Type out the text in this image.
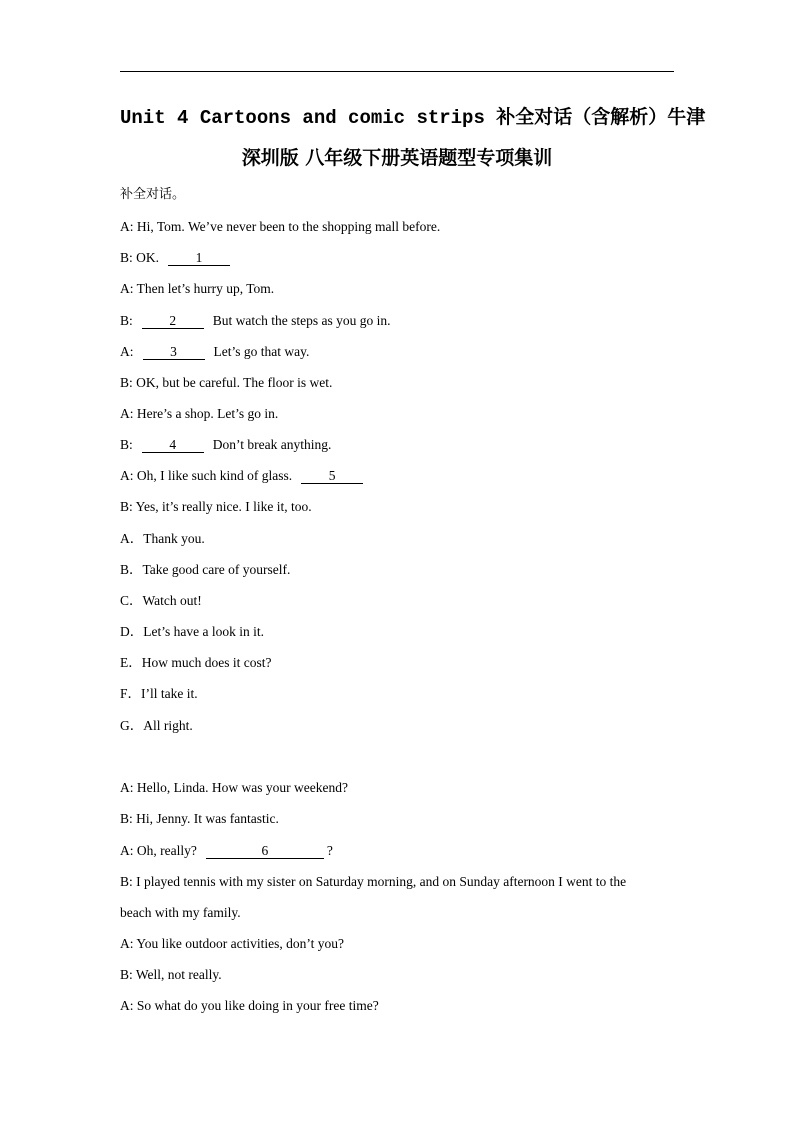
Unit 4 Cartoons and comic strips 补全对话（含解析）牛津
深圳版 八年级下册英语题型专项集训
补全对话。
A: Hi, Tom. We’ve never been to the shopping mall before.
B: OK.	1
A: Then let’s hurry up, Tom.
B:	2	But watch the steps as you go in.
A:	3	Let’s go that way.
B: OK, but be careful. The floor is wet.
A: Here’s a shop. Let’s go in.
B:	4	Don’t break anything.
A: Oh, I like such kind of glass.	5
B: Yes, it’s really nice. I like it, too.
A．Thank you.
B．Take good care of yourself.
C．Watch out!
D．Let’s have a look in it.
E．How much does it cost?
F．I’ll take it.
G．All right.
A: Hello, Linda. How was your weekend?
B: Hi, Jenny. It was fantastic.
A: Oh, really?	6	?
B: I played tennis with my sister on Saturday morning, and on Sunday afternoon I went to the
beach with my family.
A: You like outdoor activities, don’t you?
B: Well, not really.
A: So what do you like doing in your free time?
